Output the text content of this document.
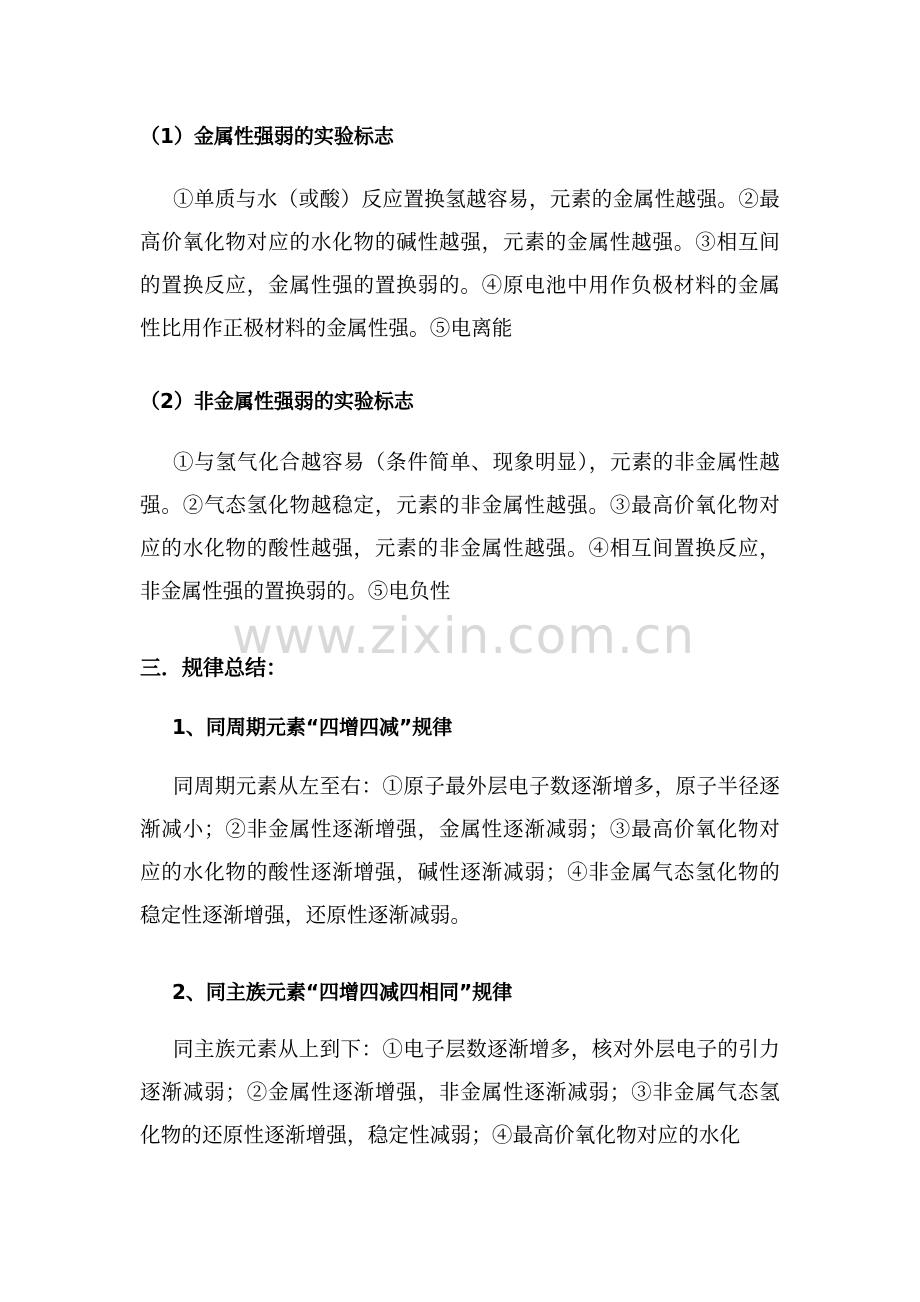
（1）金属性强弱的实验标志
①单质与水（或酸）反应置换氢越容易，元素的金属性越强。②最高价氧化物对应的水化物的碱性越强，元素的金属性越强。③相互间的置换反应，金属性强的置换弱的。④原电池中用作负极材料的金属性比用作正极材料的金属性强。⑤电离能
（2）非金属性强弱的实验标志
①与氢气化合越容易（条件简单、现象明显），元素的非金属性越强。②气态氢化物越稳定，元素的非金属性越强。③最高价氧化物对应的水化物的酸性越强，元素的非金属性越强。④相互间置换反应，非金属性强的置换弱的。⑤电负性
三．规律总结：
1、同周期元素“四增四减”规律
同周期元素从左至右：①原子最外层电子数逐渐增多，原子半径逐渐减小；②非金属性逐渐增强，金属性逐渐减弱；③最高价氧化物对应的水化物的酸性逐渐增强，碱性逐渐减弱；④非金属气态氢化物的稳定性逐渐增强，还原性逐渐减弱。
2、同主族元素“四增四减四相同”规律
同主族元素从上到下：①电子层数逐渐增多，核对外层电子的引力逐渐减弱；②金属性逐渐增强，非金属性逐渐减弱；③非金属气态氢化物的还原性逐渐增强，稳定性减弱；④最高价氧化物对应的水化
www.zixin.com.cn
